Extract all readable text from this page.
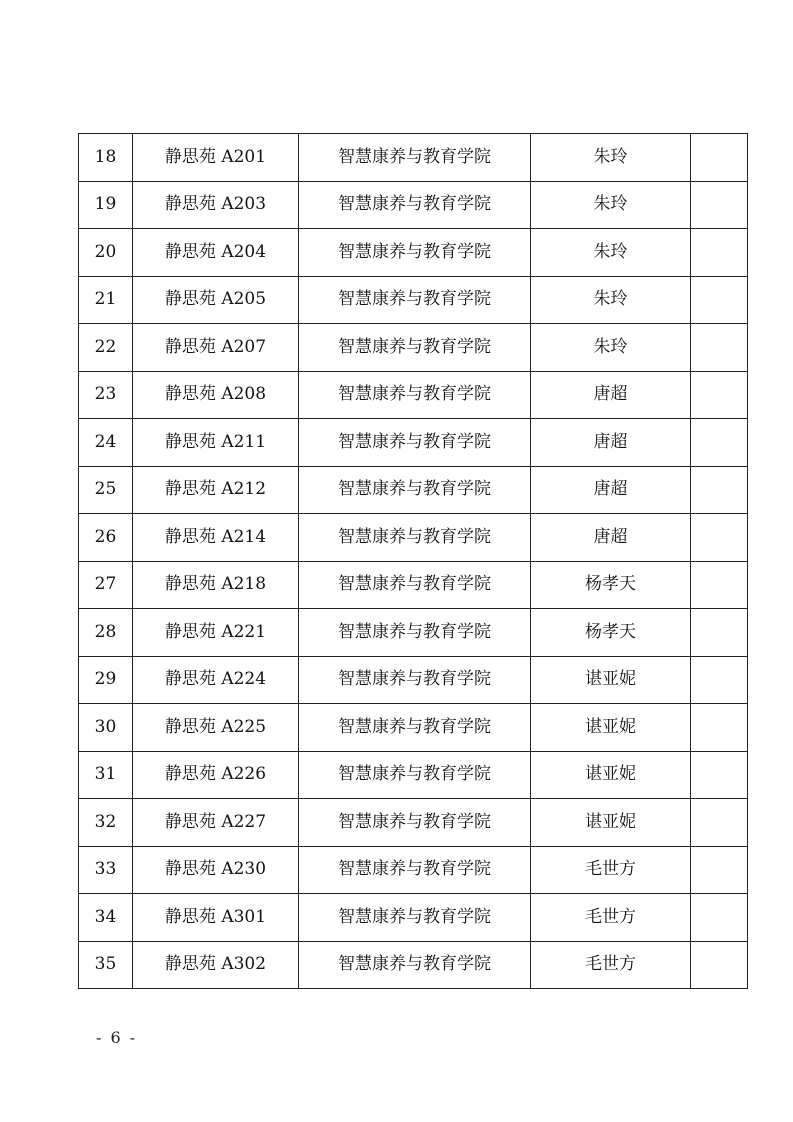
18	静思苑 A201	智慧康养与教育学院	朱玲	
19	静思苑 A203	智慧康养与教育学院	朱玲	
20	静思苑 A204	智慧康养与教育学院	朱玲	
21	静思苑 A205	智慧康养与教育学院	朱玲	
22	静思苑 A207	智慧康养与教育学院	朱玲	
23	静思苑 A208	智慧康养与教育学院	唐超	
24	静思苑 A211	智慧康养与教育学院	唐超	
25	静思苑 A212	智慧康养与教育学院	唐超	
26	静思苑 A214	智慧康养与教育学院	唐超	
27	静思苑 A218	智慧康养与教育学院	杨孝天	
28	静思苑 A221	智慧康养与教育学院	杨孝天	
29	静思苑 A224	智慧康养与教育学院	谌亚妮	
30	静思苑 A225	智慧康养与教育学院	谌亚妮	
31	静思苑 A226	智慧康养与教育学院	谌亚妮	
32	静思苑 A227	智慧康养与教育学院	谌亚妮	
33	静思苑 A230	智慧康养与教育学院	毛世方	
34	静思苑 A301	智慧康养与教育学院	毛世方	
35	静思苑 A302	智慧康养与教育学院	毛世方	
- 6 -
